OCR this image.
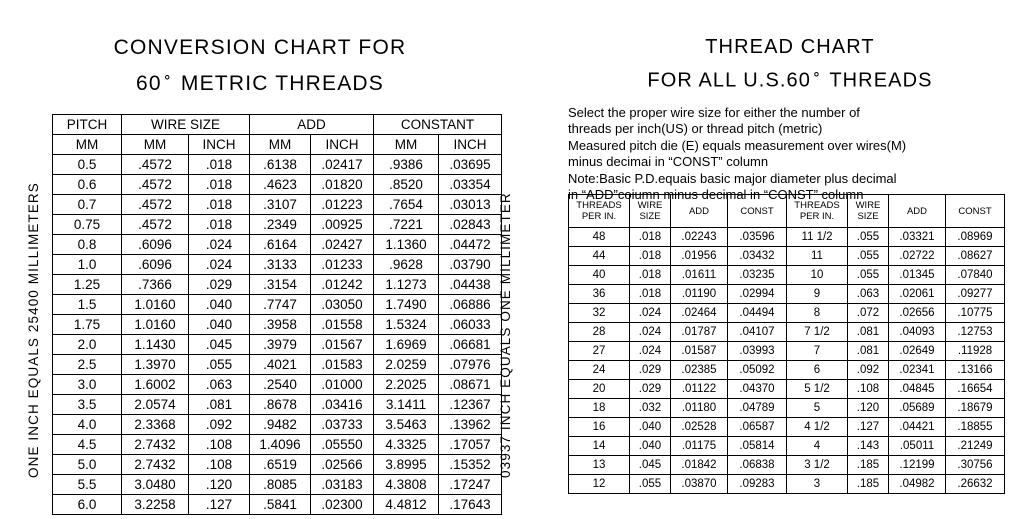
CONVERSION CHART FOR
60⚬ METRIC THREADS
ONE INCH EQUALS 25400 MILLIMETERS	03937 INCH EQUALS ONE MILLIMETER
PITCH	WIRE SIZE		ADD		CONSTANT	
MM	MM	INCH	MM	INCH	MM	INCH
0.5	.4572	.018	.6138	.02417	.9386	.03695
0.6	.4572	.018	.4623	.01820	.8520	.03354
0.7	.4572	.018	.3107	.01223	.7654	.03013
0.75	.4572	.018	.2349	.00925	.7221	.02843
0.8	.6096	.024	.6164	.02427	1.1360	.04472
1.0	.6096	.024	.3133	.01233	.9628	.03790
1.25	.7366	.029	.3154	.01242	1.1273	.04438
1.5	1.0160	.040	.7747	.03050	1.7490	.06886
1.75	1.0160	.040	.3958	.01558	1.5324	.06033
2.0	1.1430	.045	.3979	.01567	1.6969	.06681
2.5	1.3970	.055	.4021	.01583	2.0259	.07976
3.0	1.6002	.063	.2540	.01000	2.2025	.08671
3.5	2.0574	.081	.8678	.03416	3.1411	.12367
4.0	2.3368	.092	.9482	.03733	3.5463	.13962
4.5	2.7432	.108	1.4096	.05550	4.3325	.17057
5.0	2.7432	.108	.6519	.02566	3.8995	.15352
5.5	3.0480	.120	.8085	.03183	4.3808	.17247
6.0	3.2258	.127	.5841	.02300	4.4812	.17643
THREAD CHART
FOR ALL U.S.60⚬ THREADS
Select the proper wire size for either the number of
threads per inch(US) or thread pitch (metric)
Measured pitch die (E) equals measurement over wires(M)
minus decimai in “CONST” column
Note:Basic P.D.equais basic major diameter plus decimal
in “ADD”coiumn minus decimal in “CONST” column
THREADS PER IN.	WIRE SIZE	ADD	CONST	THREADS PER IN.	WIRE SIZE	ADD	CONST
48	.018	.02243	.03596	11 1/2	.055	.03321	.08969
44	.018	.01956	.03432	11	.055	.02722	.08627
40	.018	.01611	.03235	10	.055	.01345	.07840
36	.018	.01190	.02994	9	.063	.02061	.09277
32	.024	.02464	.04494	8	.072	.02656	.10775
28	.024	.01787	.04107	7 1/2	.081	.04093	.12753
27	.024	.01587	.03993	7	.081	.02649	.11928
24	.029	.02385	.05092	6	.092	.02341	.13166
20	.029	.01122	.04370	5 1/2	.108	.04845	.16654
18	.032	.01180	.04789	5	.120	.05689	.18679
16	.040	.02528	.06587	4 1/2	.127	.04421	.18855
14	.040	.01175	.05814	4	.143	.05011	.21249
13	.045	.01842	.06838	3 1/2	.185	.12199	.30756
12	.055	.03870	.09283	3	.185	.04982	.26632
